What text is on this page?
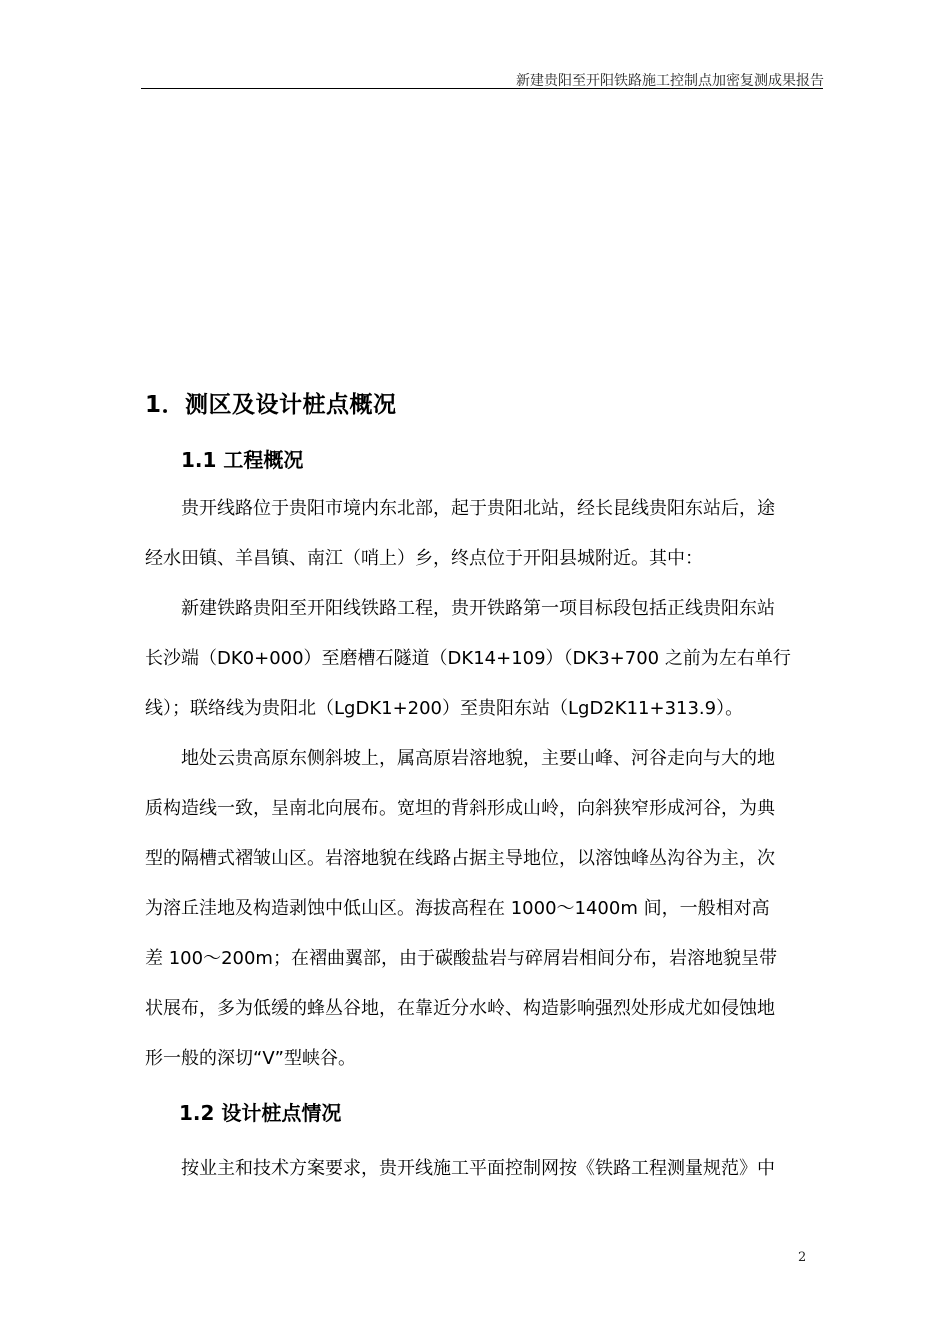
新建贵阳至开阳铁路施工控制点加密复测成果报告
1．测区及设计桩点概况
1.1 工程概况
贵开线路位于贵阳市境内东北部，起于贵阳北站，经长昆线贵阳东站后，途
经水田镇、羊昌镇、南江（哨上）乡，终点位于开阳县城附近。其中：
新建铁路贵阳至开阳线铁路工程，贵开铁路第一项目标段包括正线贵阳东站
长沙端（DK0+000）至磨槽石隧道（DK14+109）（DK3+700 之前为左右单行
线）；联络线为贵阳北（LgDK1+200）至贵阳东站（LgD2K11+313.9）。
地处云贵高原东侧斜坡上，属高原岩溶地貌，主要山峰、河谷走向与大的地
质构造线一致，呈南北向展布。宽坦的背斜形成山岭，向斜狭窄形成河谷，为典
型的隔槽式褶皱山区。岩溶地貌在线路占据主导地位，以溶蚀峰丛沟谷为主，次
为溶丘洼地及构造剥蚀中低山区。海拔高程在 1000～1400m 间，一般相对高
差 100～200m；在褶曲翼部，由于碳酸盐岩与碎屑岩相间分布，岩溶地貌呈带
状展布，多为低缓的蜂丛谷地，在靠近分水岭、构造影响强烈处形成尤如侵蚀地
形一般的深切“V”型峡谷。
1.2 设计桩点情况
按业主和技术方案要求，贵开线施工平面控制网按《铁路工程测量规范》中
2
